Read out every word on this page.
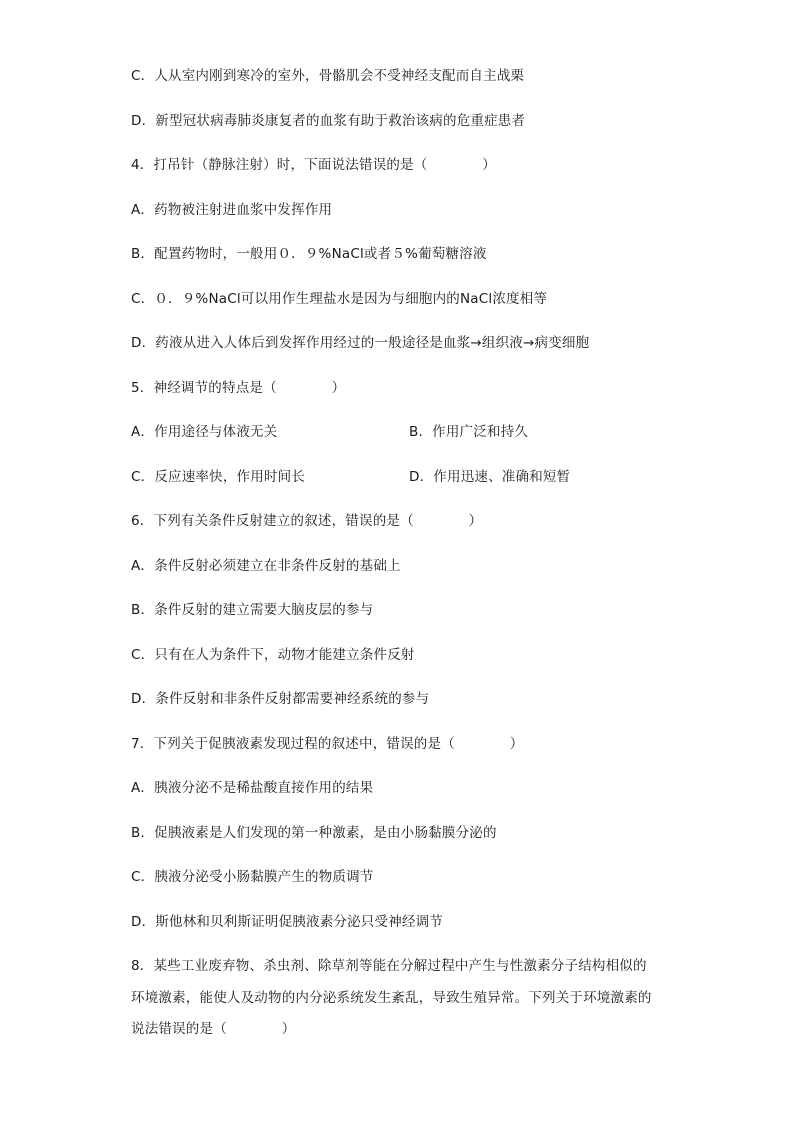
C．人从室内刚到寒冷的室外，骨骼肌会不受神经支配而自主战栗
D．新型冠状病毒肺炎康复者的血浆有助于救治该病的危重症患者
4．打吊针（静脉注射）时，下面说法错误的是（　　　　）
A．药物被注射进血浆中发挥作用
B．配置药物时，一般用０．９%NaCl或者５%葡萄糖溶液
C．０．９%NaCl可以用作生理盐水是因为与细胞内的NaCl浓度相等
D．药液从进入人体后到发挥作用经过的一般途径是血浆→组织液→病变细胞
5．神经调节的特点是（　　　　）
A．作用途径与体液无关	B．作用广泛和持久
C．反应速率快，作用时间长	D．作用迅速、准确和短暂
6．下列有关条件反射建立的叙述，错误的是（　　　　）
A．条件反射必须建立在非条件反射的基础上
B．条件反射的建立需要大脑皮层的参与
C．只有在人为条件下，动物才能建立条件反射
D．条件反射和非条件反射都需要神经系统的参与
7．下列关于促胰液素发现过程的叙述中，错误的是（　　　　）
A．胰液分泌不是稀盐酸直接作用的结果
B．促胰液素是人们发现的第一种激素，是由小肠黏膜分泌的
C．胰液分泌受小肠黏膜产生的物质调节
D．斯他林和贝利斯证明促胰液素分泌只受神经调节
8．某些工业废弃物、杀虫剂、除草剂等能在分解过程中产生与性激素分子结构相似的
环境激素，能使人及动物的内分泌系统发生紊乱，导致生殖异常。下列关于环境激素的
说法错误的是（　　　　）
